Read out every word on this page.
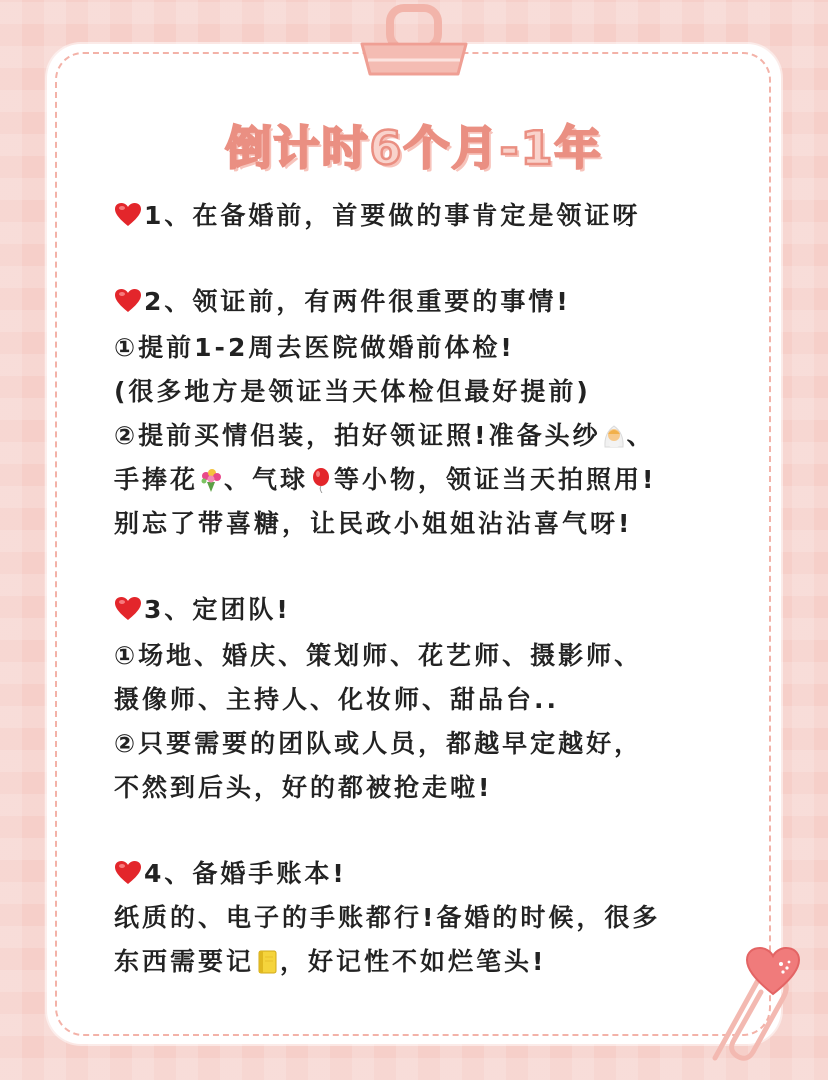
倒计时6个月-1年
1、在备婚前，首要做的事肯定是领证呀
2、领证前，有两件很重要的事情!
①提前1-2周去医院做婚前体检!
(很多地方是领证当天体检但最好提前)
②提前买情侣装，拍好领证照!准备头纱 、
手捧花 、气球 等小物，领证当天拍照用!
别忘了带喜糖，让民政小姐姐沾沾喜气呀!
3、定团队!
①场地、婚庆、策划师、花艺师、摄影师、
摄像师、主持人、化妆师、甜品台..
②只要需要的团队或人员，都越早定越好，
不然到后头，好的都被抢走啦!
4、备婚手账本!
纸质的、电子的手账都行!备婚的时候，很多
东西需要记 ，好记性不如烂笔头!
